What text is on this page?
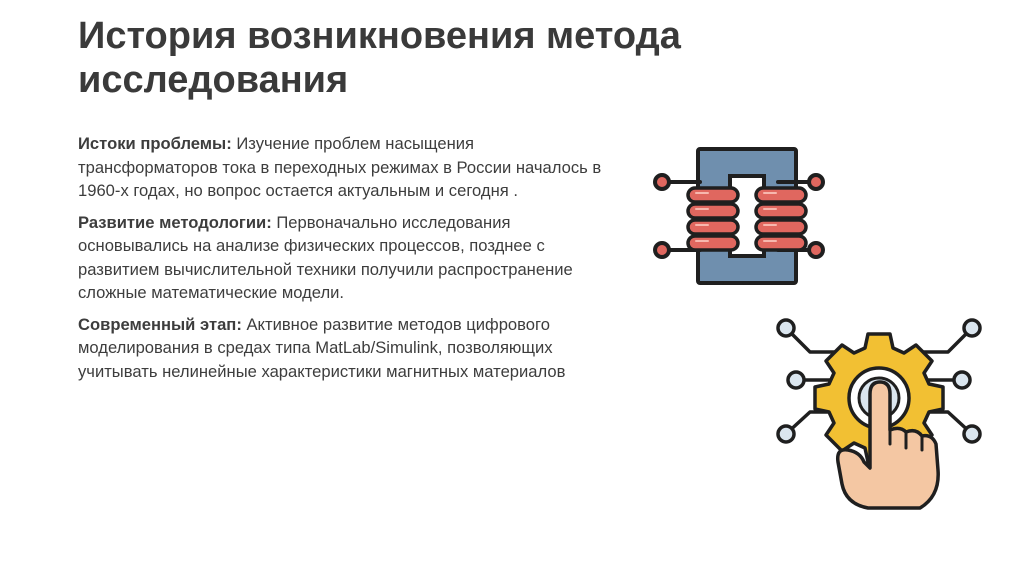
История возникновения метода исследования

Истоки проблемы: Изучение проблем насыщения трансформаторов тока в переходных режимах в России началось в 1960-х годах, но вопрос остается актуальным и сегодня .

Развитие методологии: Первоначально исследования основывались на анализе физических процессов, позднее с развитием вычислительной техники получили распространение сложные математические модели.

Современный этап: Активное развитие методов цифрового моделирования в средах типа MatLab/Simulink, позволяющих учитывать нелинейные характеристики магнитных материалов
